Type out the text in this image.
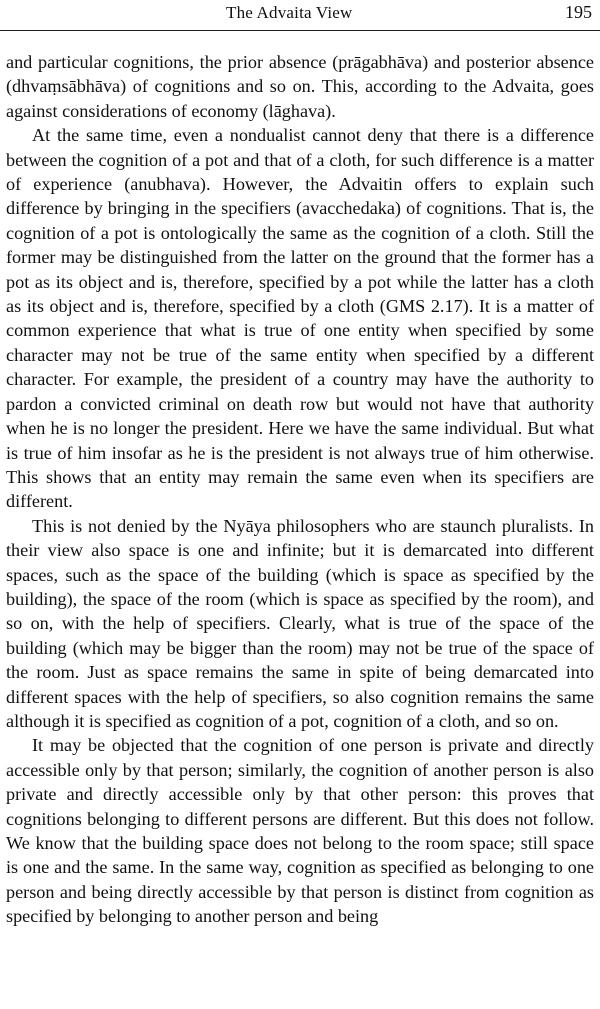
The Advaita View	195

and particular cognitions, the prior absence (prāgabhāva) and posterior absence (dhvaṃsābhāva) of cognitions and so on. This, according to the Advaita, goes against considerations of economy (lāghava).

At the same time, even a nondualist cannot deny that there is a difference between the cognition of a pot and that of a cloth, for such difference is a matter of experience (anubhava). However, the Advaitin offers to explain such difference by bringing in the specifiers (avacchedaka) of cognitions. That is, the cognition of a pot is ontologically the same as the cognition of a cloth. Still the former may be distinguished from the latter on the ground that the former has a pot as its object and is, therefore, specified by a pot while the latter has a cloth as its object and is, therefore, specified by a cloth (GMS 2.17). It is a matter of common experience that what is true of one entity when specified by some character may not be true of the same entity when specified by a different character. For example, the president of a country may have the authority to pardon a convicted criminal on death row but would not have that authority when he is no longer the president. Here we have the same individual. But what is true of him insofar as he is the president is not always true of him otherwise. This shows that an entity may remain the same even when its specifiers are different.

This is not denied by the Nyāya philosophers who are staunch pluralists. In their view also space is one and infinite; but it is demarcated into different spaces, such as the space of the building (which is space as specified by the building), the space of the room (which is space as specified by the room), and so on, with the help of specifiers. Clearly, what is true of the space of the building (which may be bigger than the room) may not be true of the space of the room. Just as space remains the same in spite of being demarcated into different spaces with the help of specifiers, so also cognition remains the same although it is specified as cognition of a pot, cognition of a cloth, and so on.

It may be objected that the cognition of one person is private and directly accessible only by that person; similarly, the cognition of another person is also private and directly accessible only by that other person: this proves that cognitions belonging to different persons are different. But this does not follow. We know that the building space does not belong to the room space; still space is one and the same. In the same way, cognition as specified as belonging to one person and being directly accessible by that person is distinct from cognition as specified by belonging to another person and being
